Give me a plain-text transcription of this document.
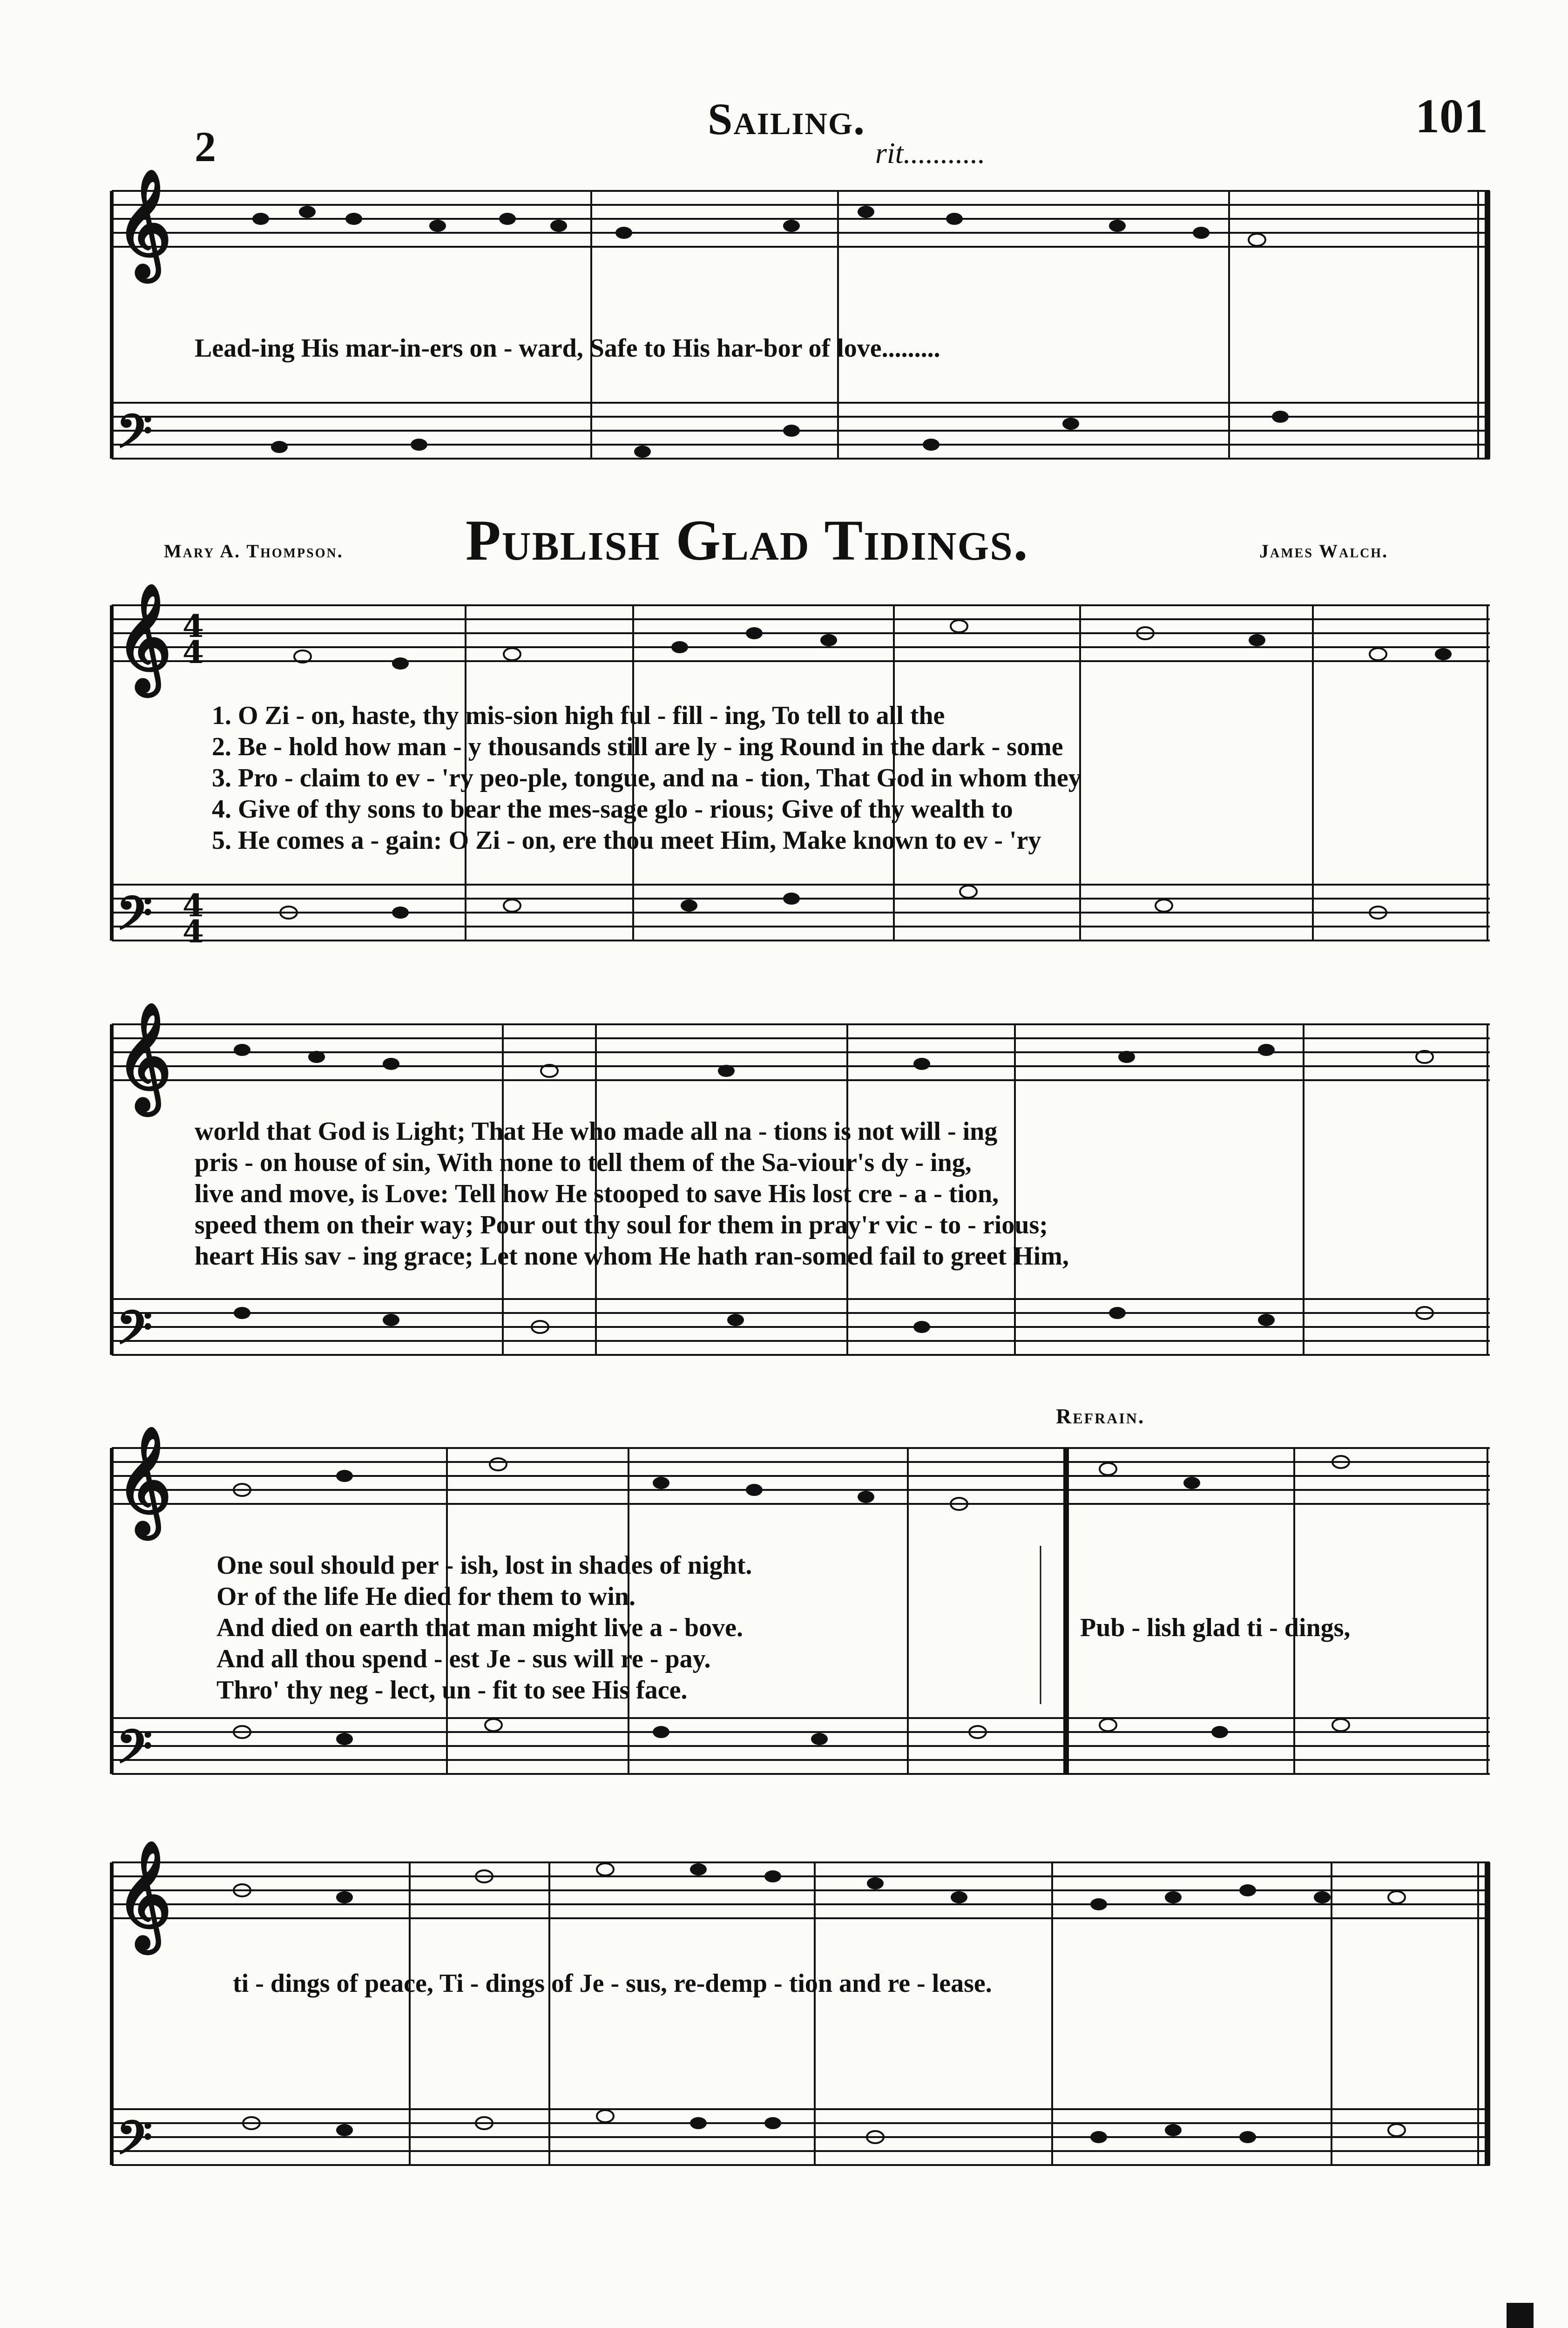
Sailing.	101
2	rit...........
𝄞
𝄢
𝄞
𝄢
𝄞
𝄢
𝄞
𝄢
𝄞
𝄢
4
4
4
4
Lead-ing His mar-in-ers on - ward, Safe to His har-bor of love.........
Mary A. Thompson. Publish Glad Tidings.	James Walch.
1. O Zi - on, haste, thy mis-sion high ful - fill - ing, To tell to all the
2. Be - hold how man - y thousands still are ly - ing Round in the dark - some
3. Pro - claim to ev - 'ry peo-ple, tongue, and na - tion, That God in whom they
4. Give of thy sons to bear the mes-sage glo - rious; Give of thy wealth to
5. He comes a - gain: O Zi - on, ere thou meet Him, Make known to ev - 'ry
world that God is Light; That He who made all na - tions is not will - ing
pris - on house of sin, With none to tell them of the Sa-viour's dy - ing,
live and move, is Love: Tell how He stooped to save His lost cre - a - tion,
speed them on their way; Pour out thy soul for them in pray'r vic - to - rious;
heart His sav - ing grace; Let none whom He hath ran-somed fail to greet Him,
Refrain.
One soul should per - ish, lost in shades of night.
Or of the life He died for them to win.
And died on earth that man might live a - bove.
And all thou spend - est Je - sus will re - pay.
Thro' thy neg - lect, un - fit to see His face.
Pub - lish glad ti - dings,
ti - dings of peace, Ti - dings of Je - sus, re-demp - tion and re - lease.
